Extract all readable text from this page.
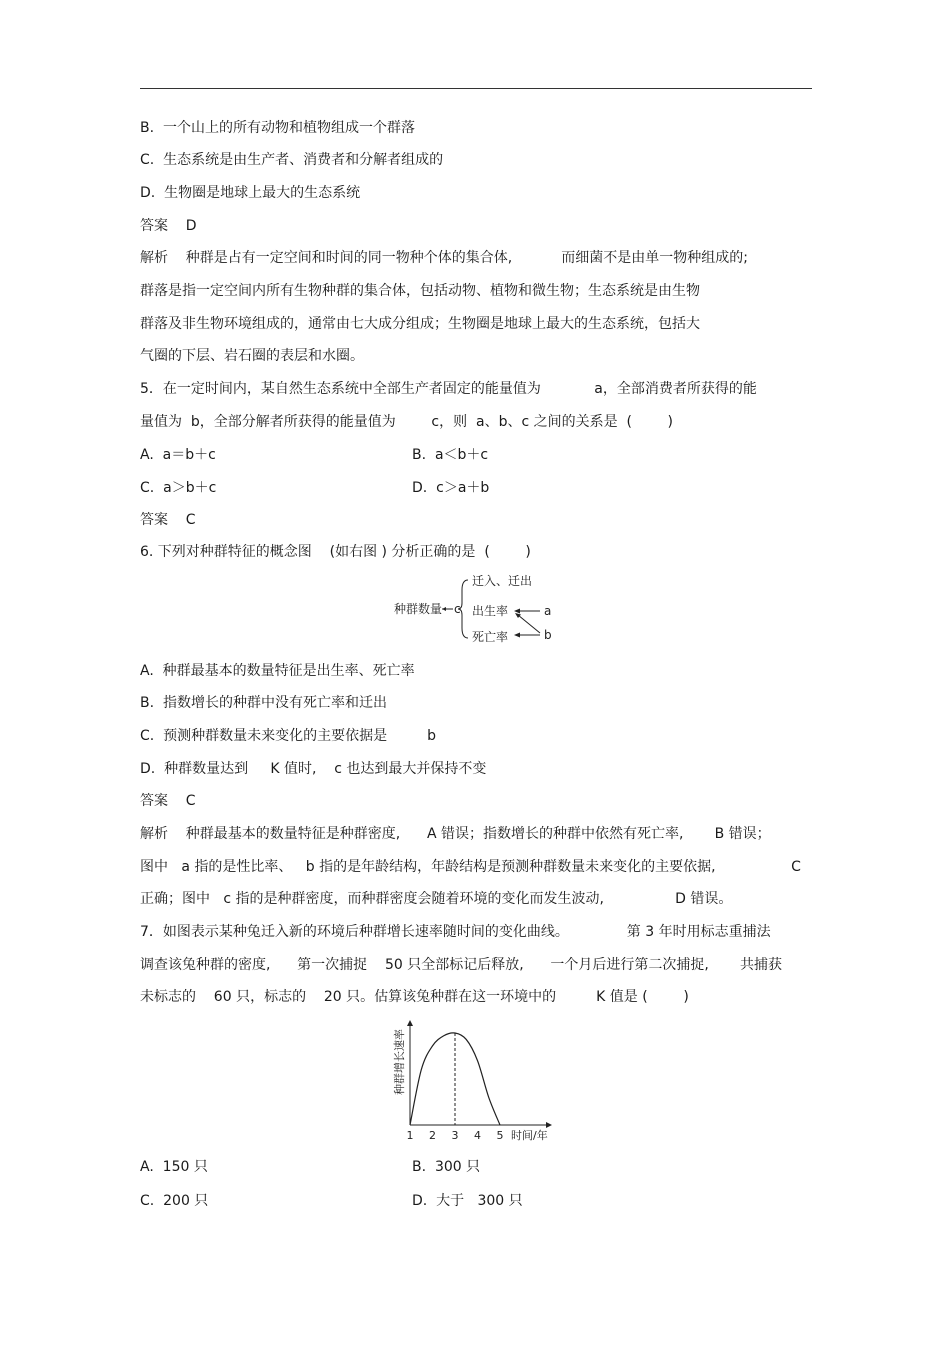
B.  一个山上的所有动物和植物组成一个群落
C.  生态系统是由生产者、消费者和分解者组成的
D.  生物圈是地球上最大的生态系统
答案    D
解析    种群是占有一定空间和时间的同一物种个体的集合体,           而细菌不是由单一物种组成的;
群落是指一定空间内所有生物种群的集合体，包括动物、植物和微生物；生态系统是由生物
群落及非生物环境组成的，通常由七大成分组成；生物圈是地球上最大的生态系统，包括大
气圈的下层、岩石圈的表层和水圈。
5．在一定时间内，某自然生态系统中全部生产者固定的能量值为            a，全部消费者所获得的能
量值为  b，全部分解者所获得的能量值为        c，则  a、b、c 之间的关系是  (        )
A.  a＝b＋c	B.  a＜b＋c
C.  a＞b＋c	D.  c＞a＋b
答案    C
6. 下列对种群特征的概念图    (如右图 ) 分析正确的是  (        )
种群数量 c
迁入、迁出
出生率
死亡率
a
b
A.  种群最基本的数量特征是出生率、死亡率
B.  指数增长的种群中没有死亡率和迁出
C.  预测种群数量未来变化的主要依据是         b
D.  种群数量达到     K 值时,    c 也达到最大并保持不变
答案    C
解析    种群最基本的数量特征是种群密度,      A 错误；指数增长的种群中依然有死亡率,       B 错误；
图中   a 指的是性比率、   b 指的是年龄结构，年龄结构是预测种群数量未来变化的主要依据,                 C
正确；图中   c 指的是种群密度，而种群密度会随着环境的变化而发生波动,                D 错误。
7．如图表示某种兔迁入新的环境后种群增长速率随时间的变化曲线。             第 3 年时用标志重捕法
调查该兔种群的密度,      第一次捕捉    50 只全部标记后释放,      一个月后进行第二次捕捉,       共捕获
未标志的    60 只，标志的    20 只。估算该兔种群在这一环境中的         K 值是 (        )
种群增长速率
1 2 3 4 5 时间/年
A.  150 只	B.  300 只
C.  200 只	D.  大于   300 只
